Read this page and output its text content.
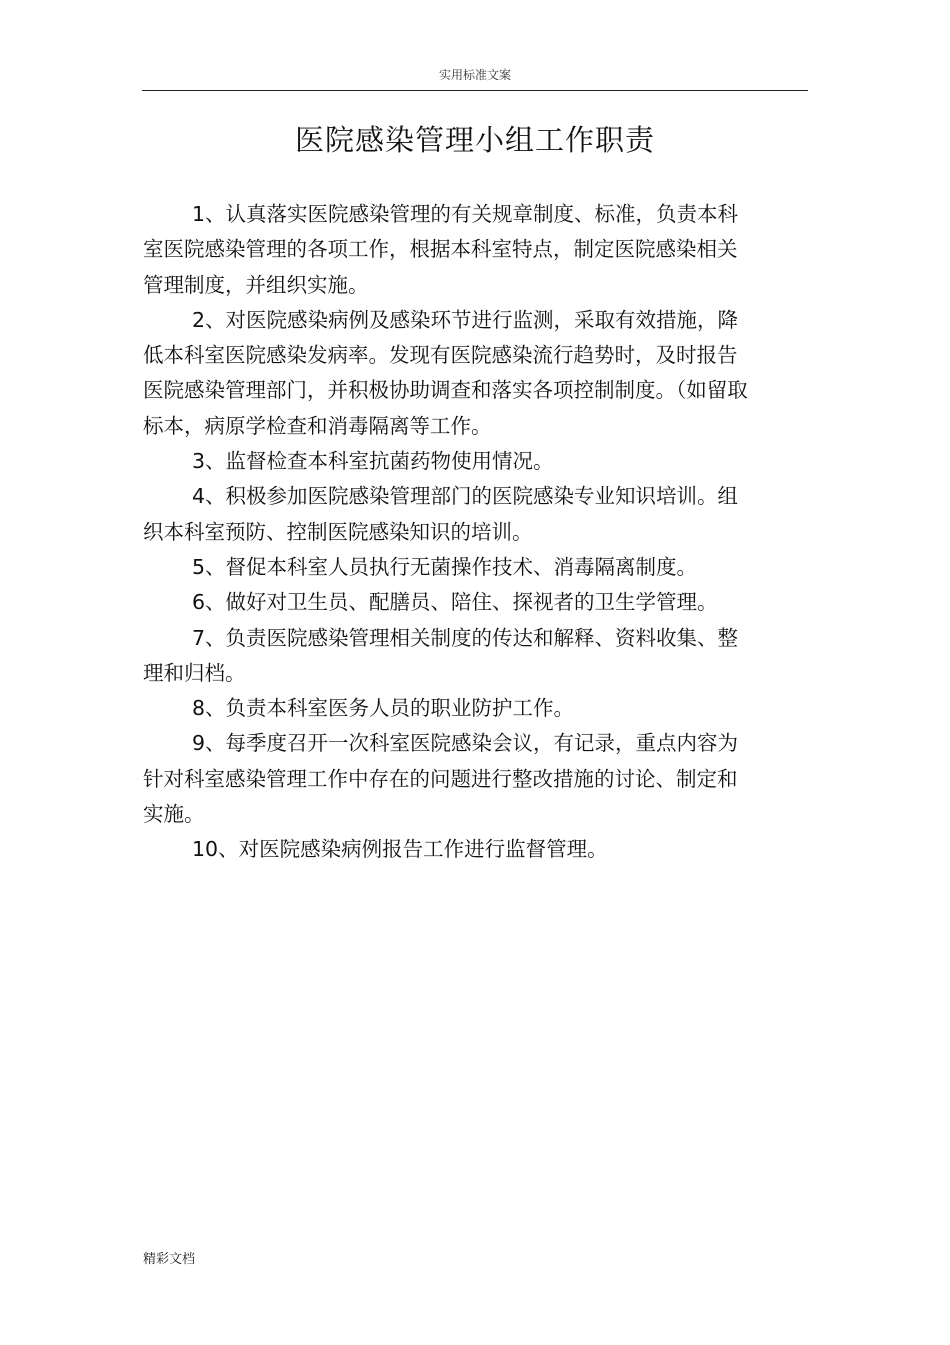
实用标准文案
医院感染管理小组工作职责

1、认真落实医院感染管理的有关规章制度、标准，负责本科室医院感染管理的各项工作，根据本科室特点，制定医院感染相关管理制度，并组织实施。

2、对医院感染病例及感染环节进行监测，采取有效措施，降低本科室医院感染发病率。发现有医院感染流行趋势时，及时报告医院感染管理部门，并积极协助调查和落实各项控制制度。（如留取标本，病原学检查和消毒隔离等工作。

3、监督检查本科室抗菌药物使用情况。

4、积极参加医院感染管理部门的医院感染专业知识培训。组织本科室预防、控制医院感染知识的培训。

5、督促本科室人员执行无菌操作技术、消毒隔离制度。

6、做好对卫生员、配膳员、陪住、探视者的卫生学管理。

7、负责医院感染管理相关制度的传达和解释、资料收集、整理和归档。

8、负责本科室医务人员的职业防护工作。

9、每季度召开一次科室医院感染会议，有记录，重点内容为针对科室感染管理工作中存在的问题进行整改措施的讨论、制定和实施。

10、对医院感染病例报告工作进行监督管理。

精彩文档
